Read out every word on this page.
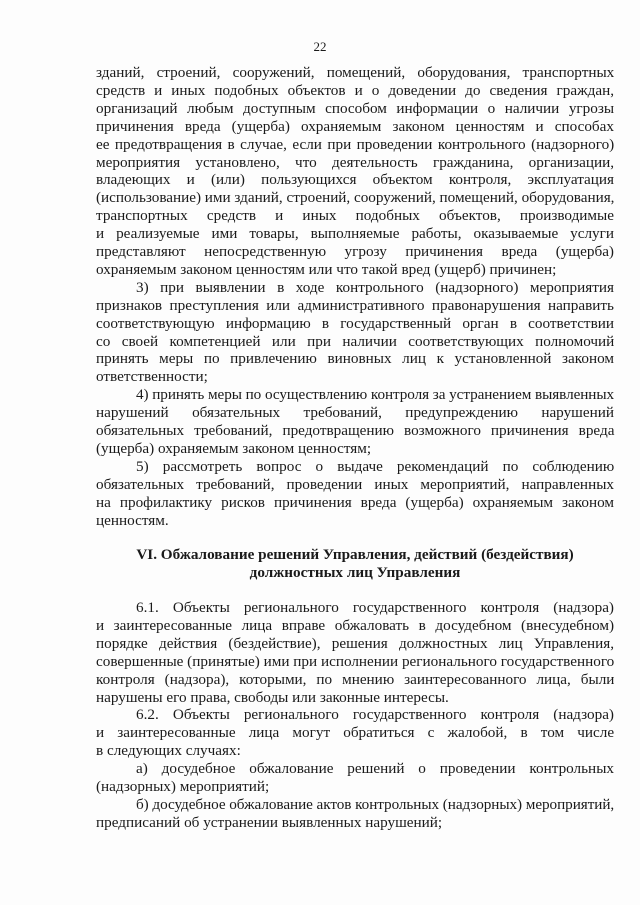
22
зданий, строений, сооружений, помещений, оборудования, транспортных
средств и иных подобных объектов и о доведении до сведения граждан,
организаций любым доступным способом информации о наличии угрозы
причинения вреда (ущерба) охраняемым законом ценностям и способах
ее предотвращения в случае, если при проведении контрольного (надзорного)
мероприятия установлено, что деятельность гражданина, организации,
владеющих и (или) пользующихся объектом контроля, эксплуатация
(использование) ими зданий, строений, сооружений, помещений, оборудования,
транспортных средств и иных подобных объектов, производимые
и реализуемые ими товары, выполняемые работы, оказываемые услуги
представляют непосредственную угрозу причинения вреда (ущерба)
охраняемым законом ценностям или что такой вред (ущерб) причинен;
3) при выявлении в ходе контрольного (надзорного) мероприятия
признаков преступления или административного правонарушения направить
соответствующую информацию в государственный орган в соответствии
со своей компетенцией или при наличии соответствующих полномочий
принять меры по привлечению виновных лиц к установленной законом
ответственности;
4) принять меры по осуществлению контроля за устранением выявленных
нарушений обязательных требований, предупреждению нарушений
обязательных требований, предотвращению возможного причинения вреда
(ущерба) охраняемым законом ценностям;
5) рассмотреть вопрос о выдаче рекомендаций по соблюдению
обязательных требований, проведении иных мероприятий, направленных
на профилактику рисков причинения вреда (ущерба) охраняемым законом
ценностям.
VI. Обжалование решений Управления, действий (бездействия)
должностных лиц Управления
6.1. Объекты регионального государственного контроля (надзора)
и заинтересованные лица вправе обжаловать в досудебном (внесудебном)
порядке действия (бездействие), решения должностных лиц Управления,
совершенные (принятые) ими при исполнении регионального государственного
контроля (надзора), которыми, по мнению заинтересованного лица, были
нарушены его права, свободы или законные интересы.
6.2. Объекты регионального государственного контроля (надзора)
и заинтересованные лица могут обратиться с жалобой, в том числе
в следующих случаях:
а) досудебное обжалование решений о проведении контрольных
(надзорных) мероприятий;
б) досудебное обжалование актов контрольных (надзорных) мероприятий,
предписаний об устранении выявленных нарушений;
